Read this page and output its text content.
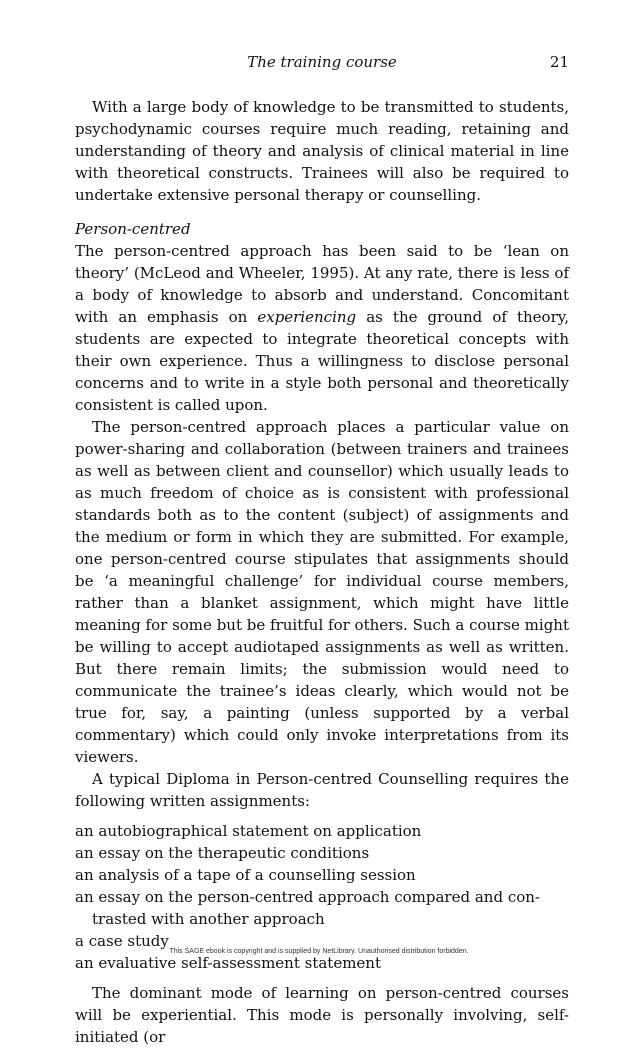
The training course	21

With a large body of knowledge to be transmitted to students, psychodynamic courses require much reading, retaining and understanding of theory and analysis of clinical material in line with theoretical constructs. Trainees will also be required to undertake extensive personal therapy or counselling.

Person-centred

The person-centred approach has been said to be ‘lean on theory’ (McLeod and Wheeler, 1995). At any rate, there is less of a body of knowledge to absorb and understand. Concomitant with an emphasis on experiencing as the ground of theory, students are expected to integrate theoretical concepts with their own experience. Thus a willingness to disclose personal concerns and to write in a style both personal and theoretically consistent is called upon.

The person-centred approach places a particular value on power-sharing and collaboration (between trainers and trainees as well as between client and counsellor) which usually leads to as much freedom of choice as is consistent with professional standards both as to the content (subject) of assignments and the medium or form in which they are submitted. For example, one person-centred course stipulates that assignments should be ‘a meaningful challenge’ for individual course members, rather than a blanket assignment, which might have little meaning for some but be fruitful for others. Such a course might be willing to accept audiotaped assignments as well as written. But there remain limits; the submission would need to communicate the trainee’s ideas clearly, which would not be true for, say, a painting (unless supported by a verbal commentary) which could only invoke interpretations from its viewers.

A typical Diploma in Person-centred Counselling requires the following written assignments:

an autobiographical statement on application
an essay on the therapeutic conditions
an analysis of a tape of a counselling session
an essay on the person-centred approach compared and contrasted with another approach
a case study
an evaluative self-assessment statement

The dominant mode of learning on person-centred courses will be experiential. This mode is personally involving, self-initiated (or

This SAGE ebook is copyright and is supplied by NetLibrary. Unauthorised distribution forbidden.
